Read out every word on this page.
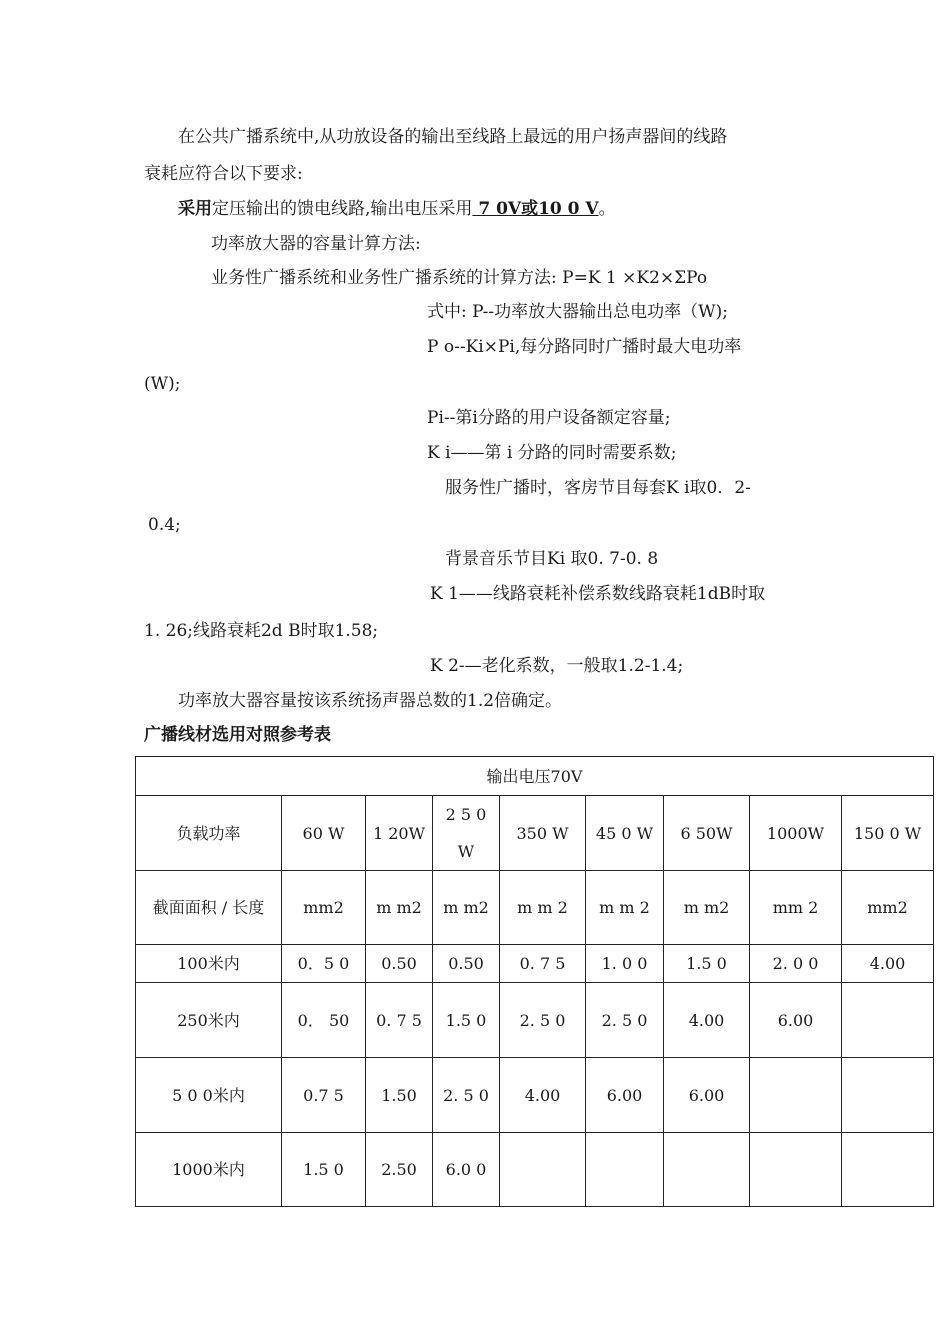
在公共广播系统中,从功放设备的输出至线路上最远的用户扬声器间的线路
衰耗应符合以下要求:
采用定压输出的馈电线路,输出电压采用 7 0V或10 0 V。
功率放大器的容量计算方法:
业务性广播系统和业务性广播系统的计算方法: P=K 1 ×K2×ΣPo
式中: P--功率放大器输出总电功率（W);
P o--Ki×Pi,每分路同时广播时最大电功率
(W);
Pi--第i分路的用户设备额定容量;
K i——第 i 分路的同时需要系数;
服务性广播时，客房节目每套K i取0．2-
0.4;
背景音乐节目Ki 取0. 7-0. 8
K 1——线路衰耗补偿系数线路衰耗1dB时取
1. 26;线路衰耗2d B时取1.58;
K 2-—老化系数，一般取1.2-1.4;
功率放大器容量按该系统扬声器总数的1.2倍确定。
广播线材选用对照参考表
输出电压70V								
负载功率	60 W	1 20W	2 5 0 W	350 W	45 0 W	6 50W	1000W	150 0 W
截面面积 / 长度	mm2	m m2	m m2	m m 2	m m 2	m m2	mm 2	mm2
100米内	0．5 0	0.50	0.50	0. 7 5	1. 0 0	1.5 0	2. 0 0	4.00
250米内	0． 50	0. 7 5	1.5 0	2. 5 0	2. 5 0	4.00	6.00	
5 0 0米内	0.7 5	1.50	2. 5 0	4.00	6.00	6.00		
1000米内	1.5 0	2.50	6.0 0					
